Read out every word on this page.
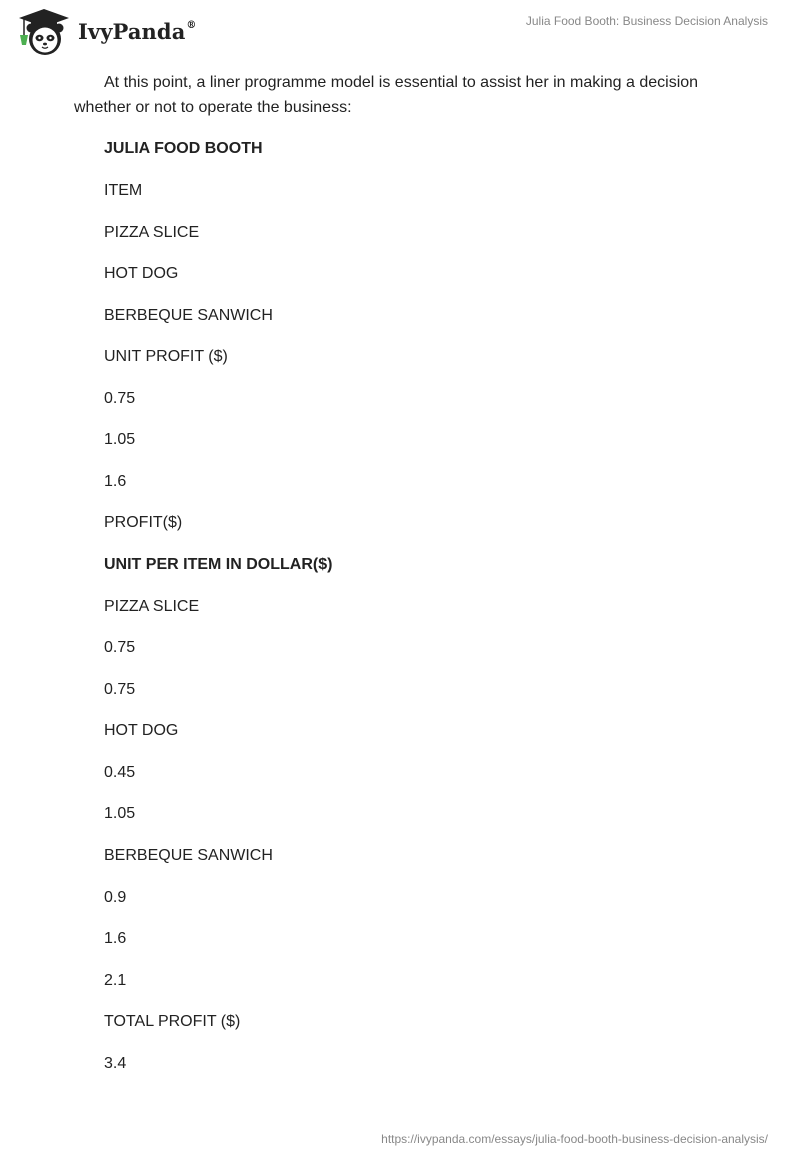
IvyPanda®	Julia Food Booth: Business Decision Analysis

At this point, a liner programme model is essential to assist her in making a decision whether or not to operate the business:

JULIA FOOD BOOTH

ITEM

PIZZA SLICE

HOT DOG

BERBEQUE SANWICH

UNIT PROFIT ($)

0.75

1.05

1.6

PROFIT($)

UNIT PER ITEM IN DOLLAR($)

PIZZA SLICE

0.75

0.75

HOT DOG

0.45

1.05

BERBEQUE SANWICH

0.9

1.6

2.1

TOTAL PROFIT ($)

3.4

https://ivypanda.com/essays/julia-food-booth-business-decision-analysis/
